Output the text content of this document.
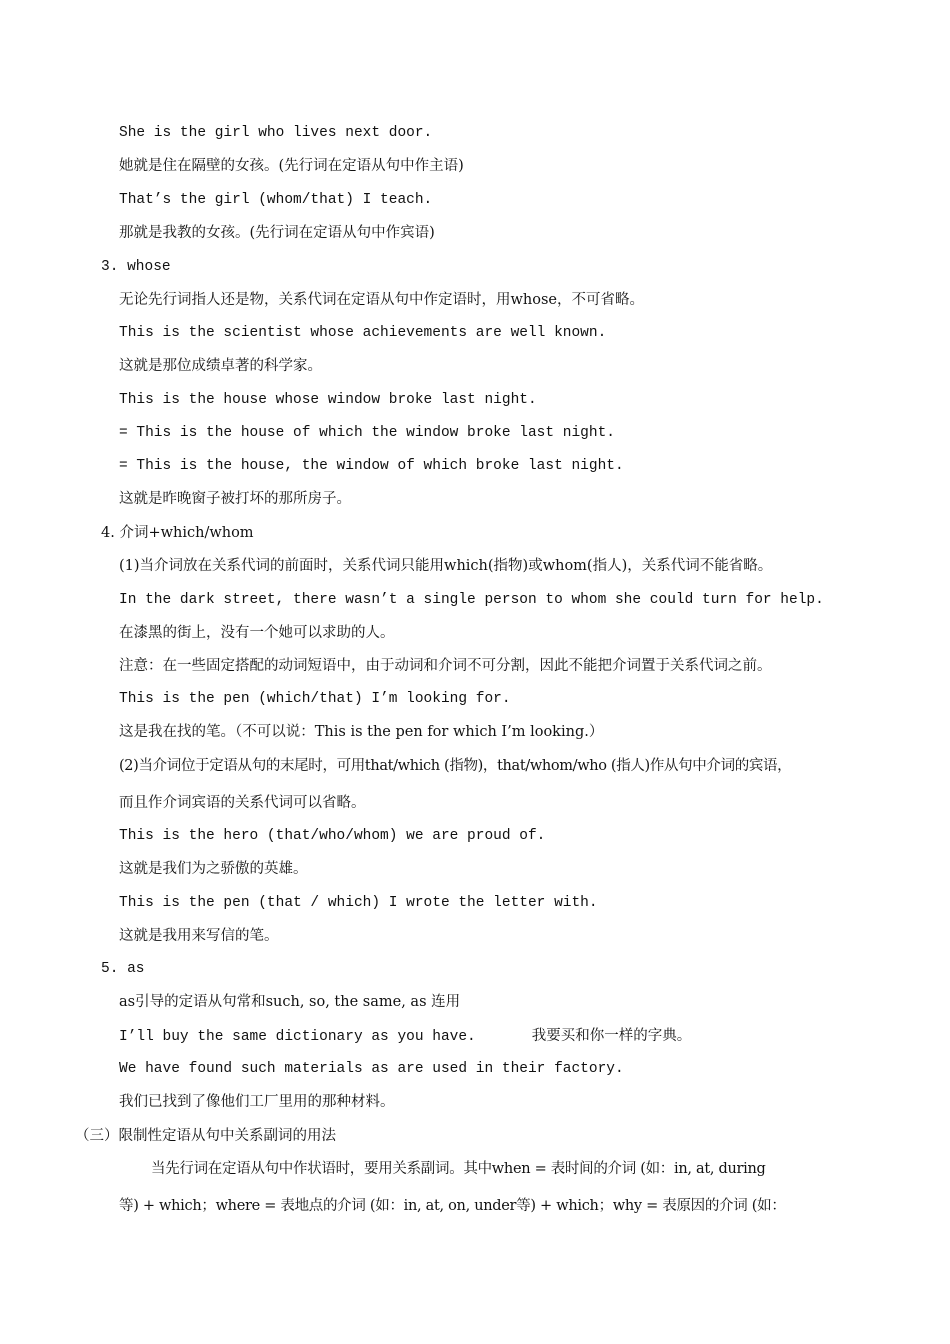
She is the girl who lives next door.
她就是住在隔壁的女孩。(先行词在定语从句中作主语)
That’s the girl (whom/that) I teach.
那就是我教的女孩。(先行词在定语从句中作宾语)
3. whose
无论先行词指人还是物，关系代词在定语从句中作定语时，用whose，不可省略。
This is the scientist whose achievements are well known.
这就是那位成绩卓著的科学家。
This is the house whose window broke last night.
= This is the house of which the window broke last night.
= This is the house, the window of which broke last night.
这就是昨晚窗子被打坏的那所房子。
4. 介词+which/whom
(1)当介词放在关系代词的前面时，关系代词只能用which(指物)或whom(指人)，关系代词不能省略。
In the dark street, there wasn’t a single person to whom she could turn for help.
在漆黑的街上，没有一个她可以求助的人。
注意：在一些固定搭配的动词短语中，由于动词和介词不可分割，因此不能把介词置于关系代词之前。
This is the pen (which/that) I’m looking for.
这是我在找的笔。（不可以说：This is the pen for which I’m looking.）
(2)当介词位于定语从句的末尾时，可用that/which (指物)，that/whom/who (指人)作从句中介词的宾语，
而且作介词宾语的关系代词可以省略。
This is the hero (that/who/whom) we are proud of.
这就是我们为之骄傲的英雄。
This is the pen (that / which) I wrote the letter with.
这就是我用来写信的笔。
5. as
as引导的定语从句常和such, so, the same, as 连用
I’ll buy the same dictionary as you have.	我要买和你一样的字典。
We have found such materials as are used in their factory.
我们已找到了像他们工厂里用的那种材料。
（三）限制性定语从句中关系副词的用法
当先行词在定语从句中作状语时，要用关系副词。其中when = 表时间的介词 (如：in, at, during
等) + which；where = 表地点的介词 (如：in, at, on, under等) + which；why = 表原因的介词 (如：
